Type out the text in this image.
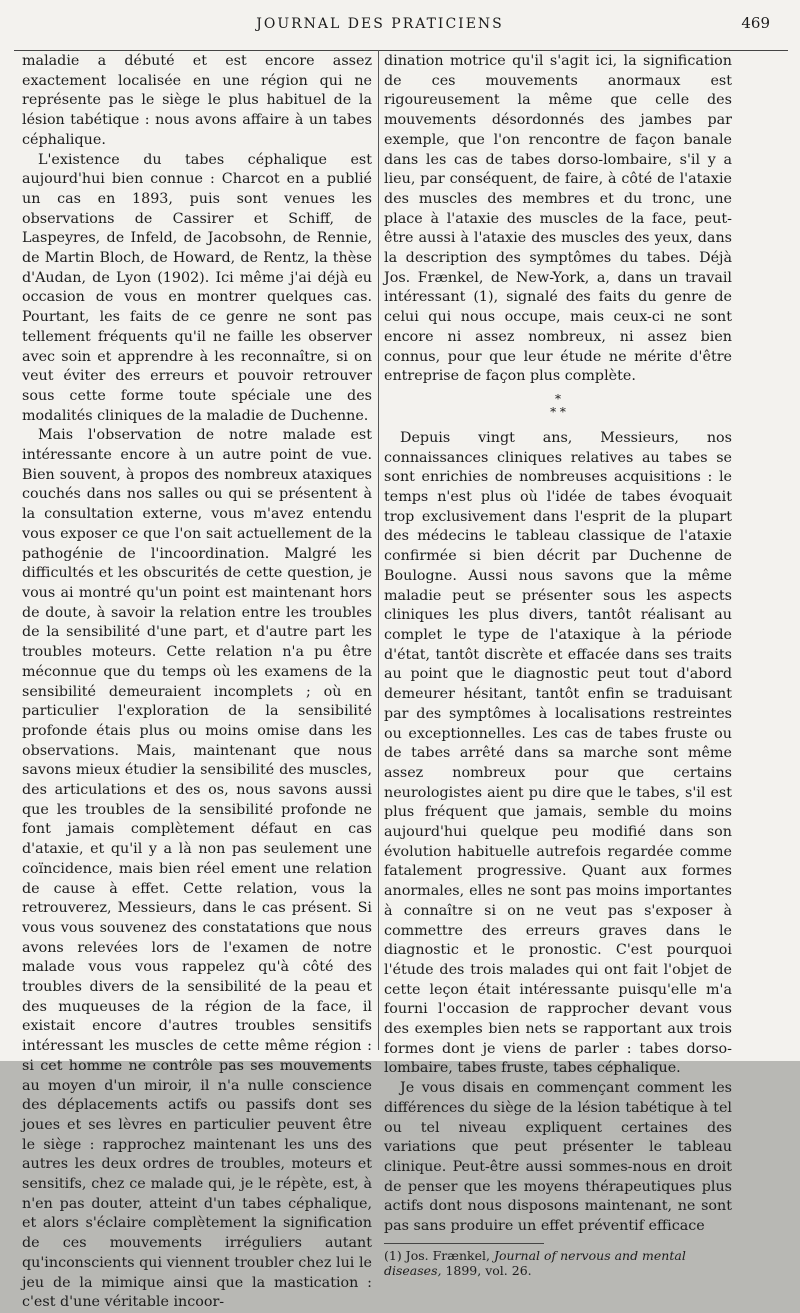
JOURNAL DES PRATICIENS	469

maladie a débuté et est encore assez exactement localisée en une région qui ne représente pas le siège le plus habituel de la lésion tabétique : nous avons affaire à un tabes céphalique.

L'existence du tabes céphalique est aujourd'hui bien connue : Charcot en a publié un cas en 1893, puis sont venues les observations de Cassirer et Schiff, de Laspeyres, de Infeld, de Jacobsohn, de Rennie, de Martin Bloch, de Howard, de Rentz, la thèse d'Audan, de Lyon (1902). Ici même j'ai déjà eu occasion de vous en montrer quelques cas. Pourtant, les faits de ce genre ne sont pas tellement fréquents qu'il ne faille les observer avec soin et apprendre à les reconnaître, si on veut éviter des erreurs et pouvoir retrouver sous cette forme toute spéciale une des modalités cliniques de la maladie de Duchenne.

Mais l'observation de notre malade est intéressante encore à un autre point de vue. Bien souvent, à propos des nombreux ataxiques couchés dans nos salles ou qui se présentent à la consultation externe, vous m'avez entendu vous exposer ce que l'on sait actuellement de la pathogénie de l'incoordination. Malgré les difficultés et les obscurités de cette question, je vous ai montré qu'un point est maintenant hors de doute, à savoir la relation entre les troubles de la sensibilité d'une part, et d'autre part les troubles moteurs. Cette relation n'a pu être méconnue que du temps où les examens de la sensibilité demeuraient incomplets ; où en particulier l'exploration de la sensibilité profonde étais plus ou moins omise dans les observations. Mais, maintenant que nous savons mieux étudier la sensibilité des muscles, des articulations et des os, nous savons aussi que les troubles de la sensibilité profonde ne font jamais complètement défaut en cas d'ataxie, et qu'il y a là non pas seulement une coïncidence, mais bien réel ement une relation de cause à effet. Cette relation, vous la retrouverez, Messieurs, dans le cas présent. Si vous vous souvenez des constatations que nous avons relevées lors de l'examen de notre malade vous vous rappelez qu'à côté des troubles divers de la sensibilité de la peau et des muqueuses de la région de la face, il existait encore d'autres troubles sensitifs intéressant les muscles de cette même région : si cet homme ne contrôle pas ses mouvements au moyen d'un miroir, il n'a nulle conscience des déplacements actifs ou passifs dont ses joues et ses lèvres en particulier peuvent être le siège : rapprochez maintenant les uns des autres les deux ordres de troubles, moteurs et sensitifs, chez ce malade qui, je le répète, est, à n'en pas douter, atteint d'un tabes céphalique, et alors s'éclaire complètement la signification de ces mouvements irréguliers autant qu'inconscients qui viennent troubler chez lui le jeu de la mimique ainsi que la mastication : c'est d'une véritable incoor-

dination motrice qu'il s'agit ici, la signification de ces mouvements anormaux est rigoureusement la même que celle des mouvements désordonnés des jambes par exemple, que l'on rencontre de façon banale dans les cas de tabes dorso-lombaire, s'il y a lieu, par conséquent, de faire, à côté de l'ataxie des muscles des membres et du tronc, une place à l'ataxie des muscles de la face, peut-être aussi à l'ataxie des muscles des yeux, dans la description des symptômes du tabes. Déjà Jos. Frænkel, de New-York, a, dans un travail intéressant (1), signalé des faits du genre de celui qui nous occupe, mais ceux-ci ne sont encore ni assez nombreux, ni assez bien connus, pour que leur étude ne mérite d'être entreprise de façon plus complète.

*
* *

Depuis vingt ans, Messieurs, nos connaissances cliniques relatives au tabes se sont enrichies de nombreuses acquisitions : le temps n'est plus où l'idée de tabes évoquait trop exclusivement dans l'esprit de la plupart des médecins le tableau classique de l'ataxie confirmée si bien décrit par Duchenne de Boulogne. Aussi nous savons que la même maladie peut se présenter sous les aspects cliniques les plus divers, tantôt réalisant au complet le type de l'ataxique à la période d'état, tantôt discrète et effacée dans ses traits au point que le diagnostic peut tout d'abord demeurer hésitant, tantôt enfin se traduisant par des symptômes à localisations restreintes ou exceptionnelles. Les cas de tabes fruste ou de tabes arrêté dans sa marche sont même assez nombreux pour que certains neurologistes aient pu dire que le tabes, s'il est plus fréquent que jamais, semble du moins aujourd'hui quelque peu modifié dans son évolution habituelle autrefois regardée comme fatalement progressive. Quant aux formes anormales, elles ne sont pas moins importantes à connaître si on ne veut pas s'exposer à commettre des erreurs graves dans le diagnostic et le pronostic. C'est pourquoi l'étude des trois malades qui ont fait l'objet de cette leçon était intéressante puisqu'elle m'a fourni l'occasion de rapprocher devant vous des exemples bien nets se rapportant aux trois formes dont je viens de parler : tabes dorso-lombaire, tabes fruste, tabes céphalique.

Je vous disais en commençant comment les différences du siège de la lésion tabétique à tel ou tel niveau expliquent certaines des variations que peut présenter le tableau clinique. Peut-être aussi sommes-nous en droit de penser que les moyens thérapeutiques plus actifs dont nous disposons maintenant, ne sont pas sans produire un effet préventif efficace

(1) Jos. Frænkel, Journal of nervous and mental diseases, 1899, vol. 26.
